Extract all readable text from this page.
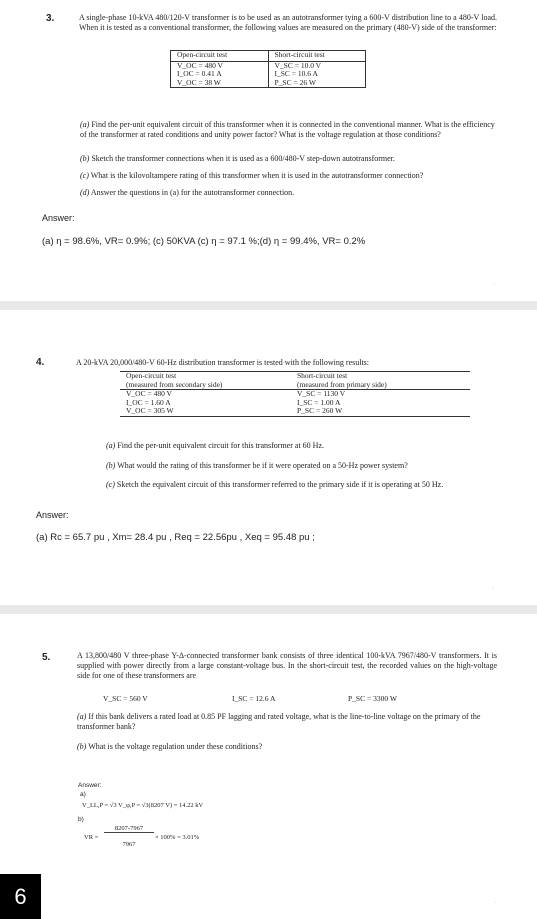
3.	A single-phase 10-kVA 480/120-V transformer is to be used as an autotransformer tying a 600-V distribution line to a 480-V load. When it is tested as a conventional transformer, the following values are measured on the primary (480-V) side of the transformer:
Open-circuit test	Short-circuit test
V_OC = 480 V	V_SC = 10.0 V
I_OC = 0.41 A	I_SC = 10.6 A
V_OC = 38 W	P_SC = 26 W
(a) Find the per-unit equivalent circuit of this transformer when it is connected in the conventional manner. What is the efficiency of the transformer at rated conditions and unity power factor? What is the voltage regulation at those conditions?
(b) Sketch the transformer connections when it is used as a 600/480-V step-down autotransformer.
(c) What is the kilovoltampere rating of this transformer when it is used in the autotransformer connection?
(d) Answer the questions in (a) for the autotransformer connection.
Answer:
(a) η = 98.6%, VR= 0.9%; (c) 50KVA (c) η = 97.1 %;(d) η = 99.4%, VR= 0.2%
·
4.	A 20-kVA 20,000/480-V 60-Hz distribution transformer is tested with the following results:
Open-circuit test	Short-circuit test
(measured from secondary side)	(measured from primary side)
V_OC = 480 V	V_SC = 1130 V
I_OC = 1.60 A	I_SC = 1.00 A
V_OC = 305 W	P_SC = 260 W
(a) Find the per-unit equivalent circuit for this transformer at 60 Hz.
(b) What would the rating of this transformer be if it were operated on a 50-Hz power system?
(c) Sketch the equivalent circuit of this transformer referred to the primary side if it is operating at 50 Hz.
Answer:
(a) Rc = 65.7 pu , Xm= 28.4 pu , Req = 22.56pu , Xeq = 95.48 pu ;
·
5.	A 13,800/480 V three-phase Y-Δ-connected transformer bank consists of three identical 100-kVA 7967/480-V transformers. It is supplied with power directly from a large constant-voltage bus. In the short-circuit test, the recorded values on the high-voltage side for one of these transformers are
V_SC = 560 V	I_SC = 12.6 A	P_SC = 3300 W
(a) If this bank delivers a rated load at 0.85 PF lagging and rated voltage, what is the line-to-line voltage on the primary of the transformer bank?
(b) What is the voltage regulation under these conditions?
Answer:
a)
V_LL,P = √3 V_φ,P = √3(8207 V) = 14.22 kV
b)
VR =
8207-7967
7967
× 100% = 3.01%
·
6
